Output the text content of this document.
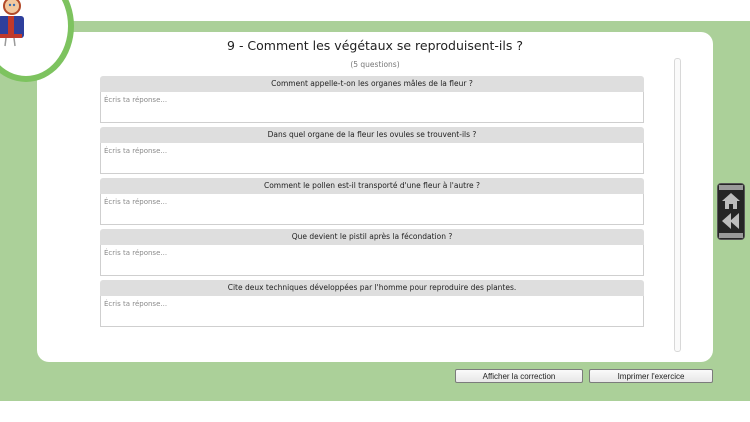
9 - Comment les végétaux se reproduisent-ils ?
(5 questions)
Comment appelle-t-on les organes mâles de la fleur ?
Écris ta réponse...
Dans quel organe de la fleur les ovules se trouvent-ils ?
Écris ta réponse...
Comment le pollen est-il transporté d'une fleur à l'autre ?
Écris ta réponse...
Que devient le pistil après la fécondation ?
Écris ta réponse...
Cite deux techniques développées par l'homme pour reproduire des plantes.
Écris ta réponse...
Afficher la correction	Imprimer l'exercice
